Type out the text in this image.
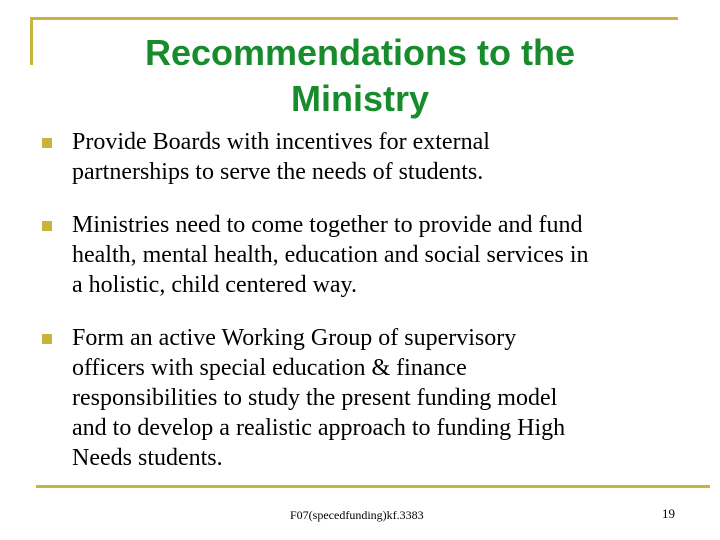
Recommendations to the
Ministry
Provide Boards with incentives for external
partnerships to serve the needs of students.
Ministries need to come together to provide and fund
health, mental health, education and social services in
a holistic, child centered way.
Form an active Working Group of supervisory
officers with special education & finance
responsibilities to study the present funding model
and to develop a realistic approach to funding High
Needs students.
F07(specedfunding)kf.3383	19
